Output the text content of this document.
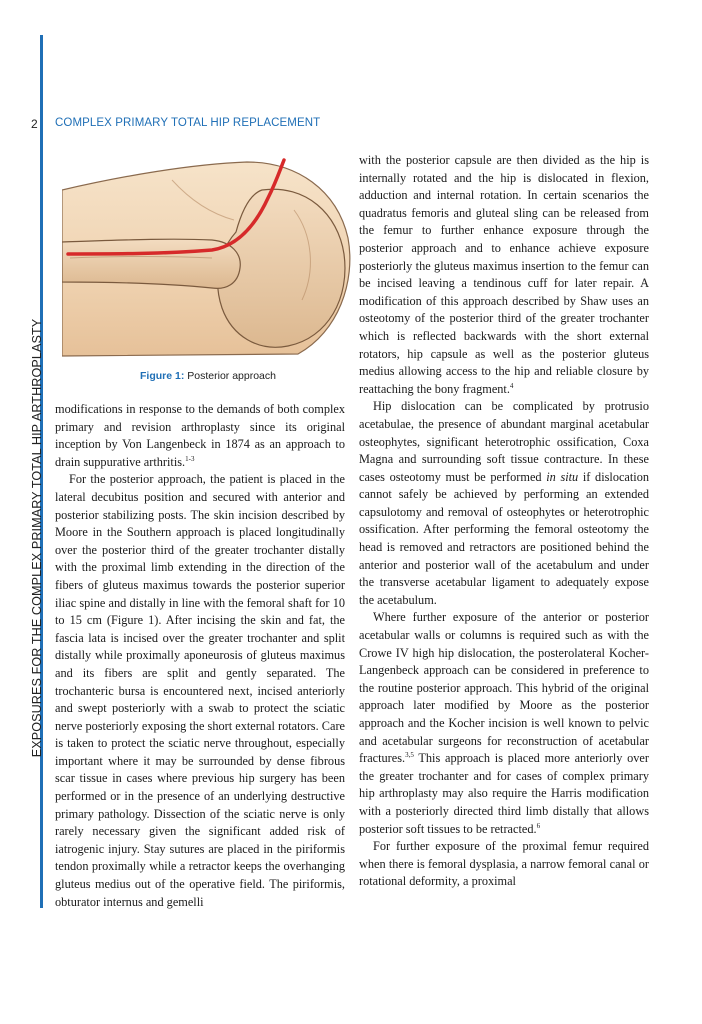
EXPOSURES FOR THE COMPLEX PRIMARY TOTAL HIP ARTHROPLASTY
2 COMPLEX PRIMARY TOTAL HIP REPLACEMENT
Figure 1: Posterior approach

modifications in response to the demands of both complex primary and revision arthroplasty since its original inception by Von Langenbeck in 1874 as an approach to drain suppurative arthritis.$^{1-3}$

For the posterior approach, the patient is placed in the lateral decubitus position and secured with anterior and posterior stabilizing posts. The skin incision described by Moore in the Southern approach is placed longitudinally over the posterior third of the greater trochanter distally with the proximal limb extending in the direction of the fibers of gluteus maximus towards the posterior superior iliac spine and distally in line with the femoral shaft for 10 to 15 cm (Figure 1). After incising the skin and fat, the fascia lata is incised over the greater trochanter and split distally while proximally aponeurosis of gluteus maximus and its fibers are split and gently separated. The trochanteric bursa is encountered next, incised anteriorly and swept posteriorly with a swab to protect the sciatic nerve posteriorly exposing the short external rotators. Care is taken to protect the sciatic nerve throughout, especially important where it may be surrounded by dense fibrous scar tissue in cases where previous hip surgery has been performed or in the presence of an underlying destructive primary pathology. Dissection of the sciatic nerve is only rarely necessary given the significant added risk of iatrogenic injury. Stay sutures are placed in the piriformis tendon proximally while a retractor keeps the overhanging gluteus medius out of the operative field. The piriformis, obturator internus and gemelli

with the posterior capsule are then divided as the hip is internally rotated and the hip is dislocated in flexion, adduction and internal rotation. In certain scenarios the quadratus femoris and gluteal sling can be released from the femur to further enhance exposure through the posterior approach and to enhance achieve exposure posteriorly the gluteus maximus insertion to the femur can be incised leaving a tendinous cuff for later repair. A modification of this approach described by Shaw uses an osteotomy of the posterior third of the greater trochanter which is reflected backwards with the short external rotators, hip capsule as well as the posterior gluteus medius allowing access to the hip and reliable closure by reattaching the bony fragment.$^4$

Hip dislocation can be complicated by protrusio acetabulae, the presence of abundant marginal acetabular osteophytes, significant heterotrophic ossification, Coxa Magna and surrounding soft tissue contracture. In these cases osteotomy must be performed in situ if dislocation cannot safely be achieved by performing an extended capsulotomy and removal of osteophytes or heterotrophic ossification. After performing the femoral osteotomy the head is removed and retractors are positioned behind the anterior and posterior wall of the acetabulum and under the transverse acetabular ligament to adequately expose the acetabulum.

Where further exposure of the anterior or posterior acetabular walls or columns is required such as with the Crowe IV high hip dislocation, the posterolateral Kocher-Langenbeck approach can be considered in preference to the routine posterior approach. This hybrid of the original approach later modified by Moore as the posterior approach and the Kocher incision is well known to pelvic and acetabular surgeons for reconstruction of acetabular fractures.$^{3,5}$ This approach is placed more anteriorly over the greater trochanter and for cases of complex primary hip arthroplasty may also require the Harris modification with a posteriorly directed third limb distally that allows posterior soft tissues to be retracted.$^6$

For further exposure of the proximal femur required when there is femoral dysplasia, a narrow femoral canal or rotational deformity, a proximal
